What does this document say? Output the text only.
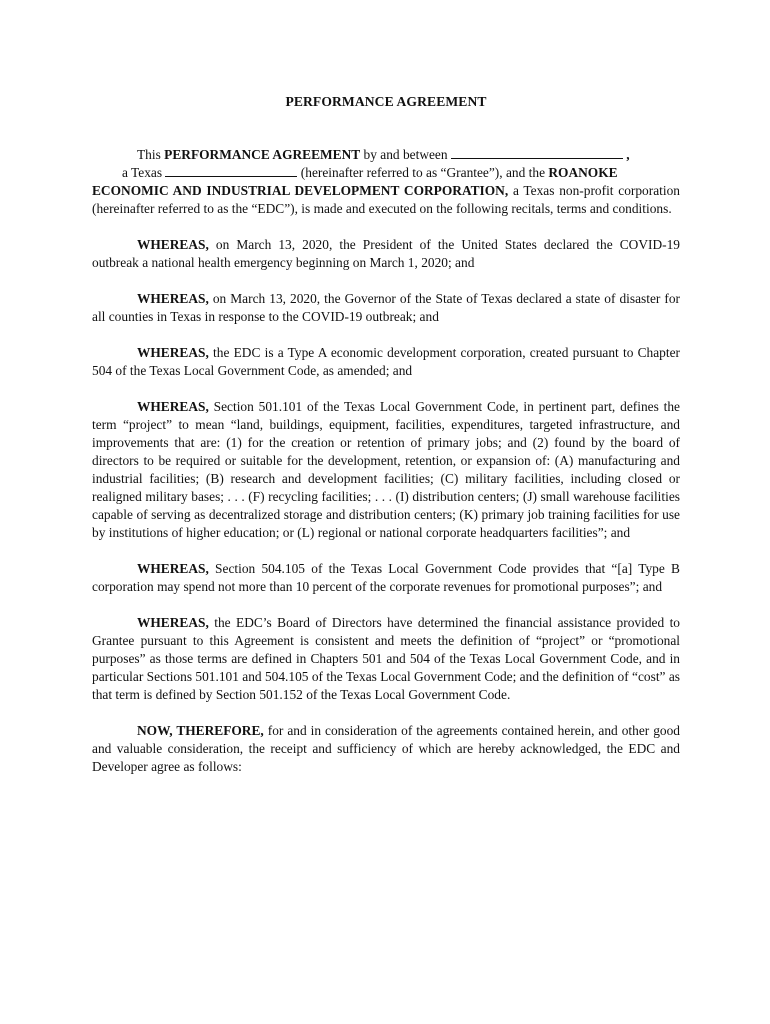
PERFORMANCE AGREEMENT
This PERFORMANCE AGREEMENT by and between	,
a Texas	(hereinafter referred to as “Grantee”), and the ROANOKE

ECONOMIC AND INDUSTRIAL DEVELOPMENT CORPORATION, a Texas non-profit corporation (hereinafter referred to as the “EDC”), is made and executed on the following recitals, terms and conditions.

WHEREAS, on March 13, 2020, the President of the United States declared the COVID-19 outbreak a national health emergency beginning on March 1, 2020; and

WHEREAS, on March 13, 2020, the Governor of the State of Texas declared a state of disaster for all counties in Texas in response to the COVID-19 outbreak; and

WHEREAS, the EDC is a Type A economic development corporation, created pursuant to Chapter 504 of the Texas Local Government Code, as amended; and

WHEREAS, Section 501.101 of the Texas Local Government Code, in pertinent part, defines the term “project” to mean “land, buildings, equipment, facilities, expenditures, targeted infrastructure, and improvements that are: (1) for the creation or retention of primary jobs; and (2) found by the board of directors to be required or suitable for the development, retention, or expansion of: (A) manufacturing and industrial facilities; (B) research and development facilities; (C) military facilities, including closed or realigned military bases; . . . (F) recycling facilities; . . . (I) distribution centers; (J) small warehouse facilities capable of serving as decentralized storage and distribution centers; (K) primary job training facilities for use by institutions of higher education; or (L) regional or national corporate headquarters facilities”; and

WHEREAS, Section 504.105 of the Texas Local Government Code provides that “[a] Type B corporation may spend not more than 10 percent of the corporate revenues for promotional purposes”; and

WHEREAS, the EDC’s Board of Directors have determined the financial assistance provided to Grantee pursuant to this Agreement is consistent and meets the definition of “project” or “promotional purposes” as those terms are defined in Chapters 501 and 504 of the Texas Local Government Code, and in particular Sections 501.101 and 504.105 of the Texas Local Government Code; and the definition of “cost” as that term is defined by Section 501.152 of the Texas Local Government Code.

NOW, THEREFORE, for and in consideration of the agreements contained herein, and other good and valuable consideration, the receipt and sufficiency of which are hereby acknowledged, the EDC and Developer agree as follows:
